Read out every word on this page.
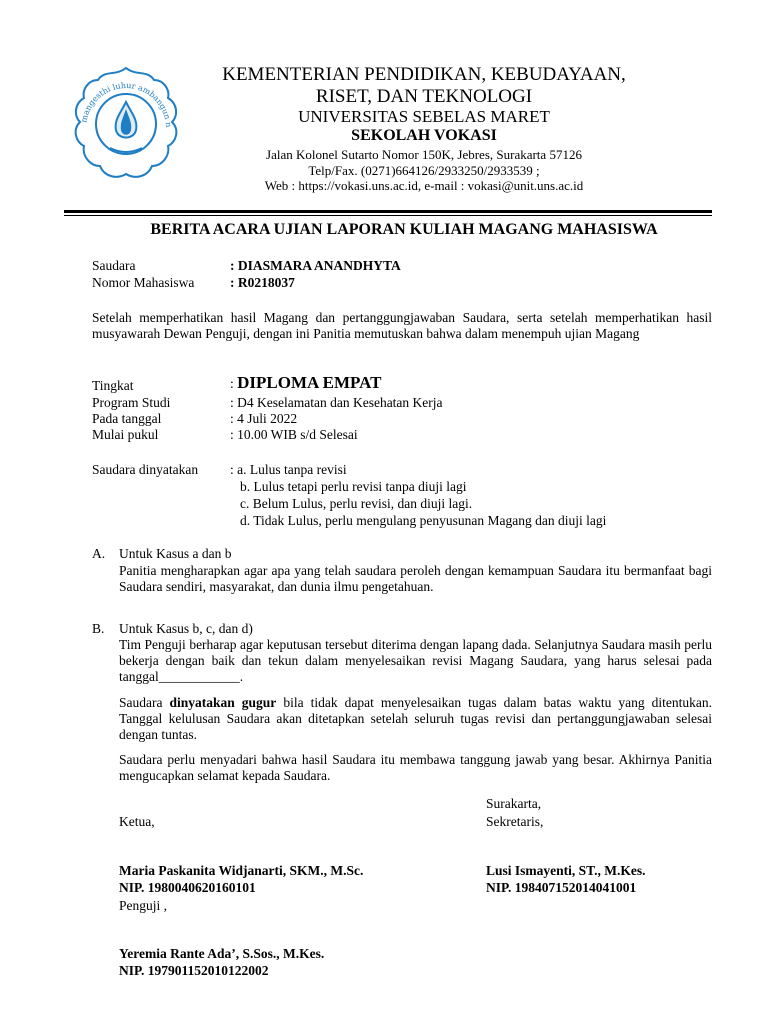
mangesthi luhur ambangun n
KEMENTERIAN PENDIDIKAN, KEBUDAYAAN,
RISET, DAN TEKNOLOGI
UNIVERSITAS SEBELAS MARET
SEKOLAH VOKASI
Jalan Kolonel Sutarto Nomor 150K, Jebres, Surakarta 57126
Telp/Fax. (0271)664126/2933250/2933539 ;
Web : https://vokasi.uns.ac.id, e-mail : vokasi@unit.uns.ac.id
BERITA ACARA UJIAN LAPORAN KULIAH MAGANG MAHASISWA
Saudara	: DIASMARA ANANDHYTA
Nomor Mahasiswa	: R0218037
Setelah memperhatikan hasil Magang dan pertanggungjawaban Saudara, serta setelah memperhatikan hasil musyawarah Dewan Penguji, dengan ini Panitia memutuskan bahwa dalam menempuh ujian Magang
Tingkat	: DIPLOMA EMPAT
Program Studi	: D4 Keselamatan dan Kesehatan Kerja
Pada tanggal	: 4 Juli 2022
Mulai pukul	: 10.00 WIB s/d Selesai
Saudara dinyatakan : a. Lulus tanpa revisi
b. Lulus tetapi perlu revisi tanpa diuji lagi
c. Belum Lulus, perlu revisi, dan diuji lagi.
d. Tidak Lulus, perlu mengulang penyusunan Magang dan diuji lagi
A. Untuk Kasus a dan b
Panitia mengharapkan agar apa yang telah saudara peroleh dengan kemampuan Saudara itu bermanfaat bagi Saudara sendiri, masyarakat, dan dunia ilmu pengetahuan.
B. Untuk Kasus b, c, dan d)
Tim Penguji berharap agar keputusan tersebut diterima dengan lapang dada. Selanjutnya Saudara masih perlu bekerja dengan baik dan tekun dalam menyelesaikan revisi Magang Saudara, yang harus selesai pada tanggal____________.
Saudara dinyatakan gugur bila tidak dapat menyelesaikan tugas dalam batas waktu yang ditentukan. Tanggal kelulusan Saudara akan ditetapkan setelah seluruh tugas revisi dan pertanggungjawaban selesai dengan tuntas.
Saudara perlu menyadari bahwa hasil Saudara itu membawa tanggung jawab yang besar. Akhirnya Panitia mengucapkan selamat kepada Saudara.
Surakarta,
Ketua,	Sekretaris,
Maria Paskanita Widjanarti, SKM., M.Sc.
NIP. 1980040620160101
Lusi Ismayenti, ST., M.Kes.
NIP. 198407152014041001
Penguji ,
Yeremia Rante Ada’, S.Sos., M.Kes.
NIP. 197901152010122002
